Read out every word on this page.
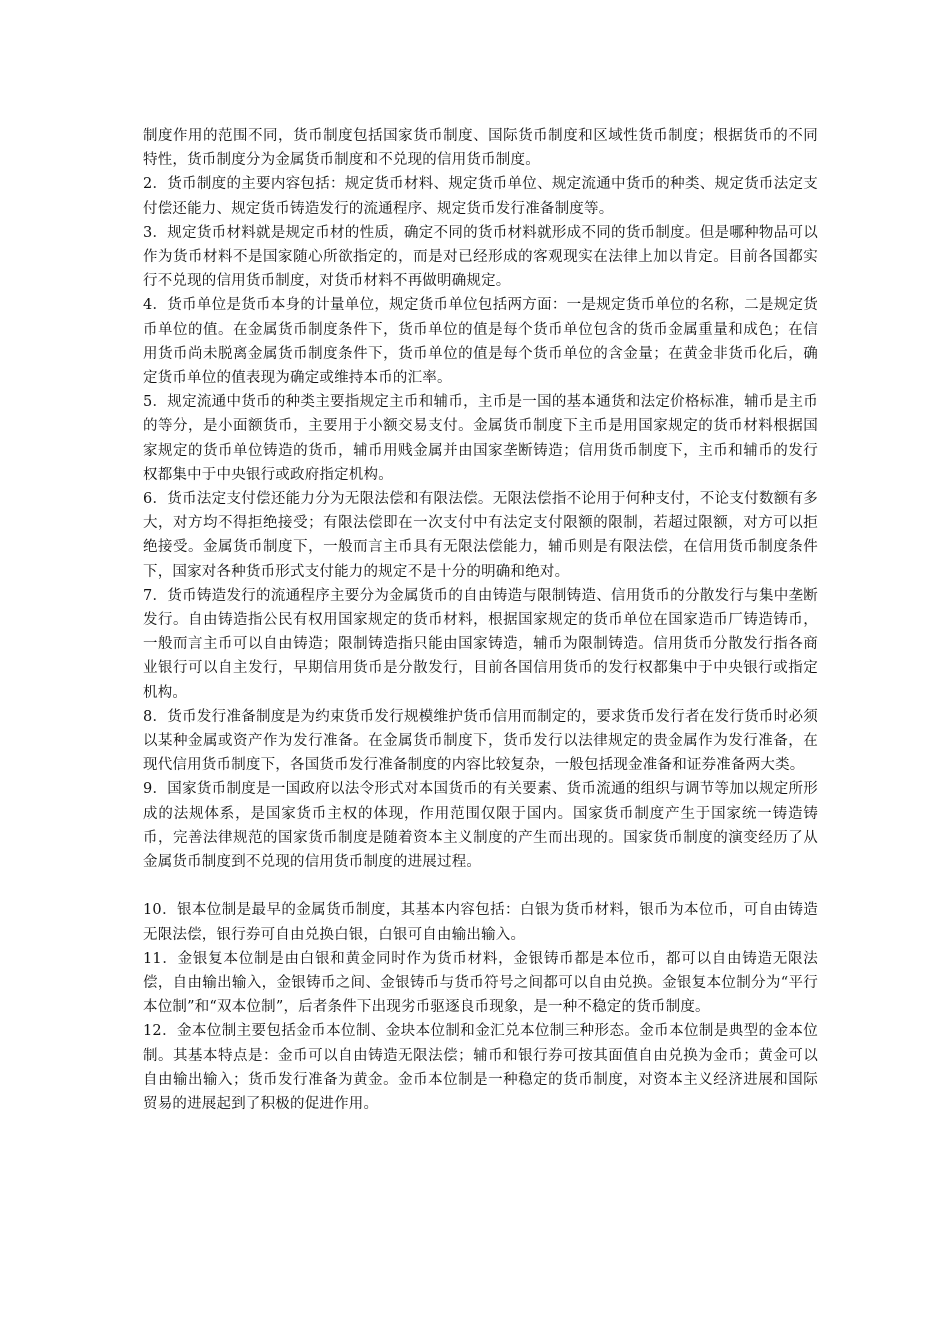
制度作用的范围不同，货币制度包括国家货币制度、国际货币制度和区域性货币制度；根据货币的不同特性，货币制度分为金属货币制度和不兑现的信用货币制度。

2．货币制度的主要内容包括：规定货币材料、规定货币单位、规定流通中货币的种类、规定货币法定支付偿还能力、规定货币铸造发行的流通程序、规定货币发行准备制度等。

3．规定货币材料就是规定币材的性质，确定不同的货币材料就形成不同的货币制度。但是哪种物品可以作为货币材料不是国家随心所欲指定的，而是对已经形成的客观现实在法律上加以肯定。目前各国都实行不兑现的信用货币制度，对货币材料不再做明确规定。

4．货币单位是货币本身的计量单位，规定货币单位包括两方面：一是规定货币单位的名称，二是规定货币单位的值。在金属货币制度条件下，货币单位的值是每个货币单位包含的货币金属重量和成色；在信用货币尚未脱离金属货币制度条件下，货币单位的值是每个货币单位的含金量；在黄金非货币化后，确定货币单位的值表现为确定或维持本币的汇率。

5．规定流通中货币的种类主要指规定主币和辅币，主币是一国的基本通货和法定价格标准，辅币是主币的等分，是小面额货币，主要用于小额交易支付。金属货币制度下主币是用国家规定的货币材料根据国家规定的货币单位铸造的货币，辅币用贱金属并由国家垄断铸造；信用货币制度下，主币和辅币的发行权都集中于中央银行或政府指定机构。

6．货币法定支付偿还能力分为无限法偿和有限法偿。无限法偿指不论用于何种支付，不论支付数额有多大，对方均不得拒绝接受；有限法偿即在一次支付中有法定支付限额的限制，若超过限额，对方可以拒绝接受。金属货币制度下，一般而言主币具有无限法偿能力，辅币则是有限法偿，在信用货币制度条件下，国家对各种货币形式支付能力的规定不是十分的明确和绝对。

7．货币铸造发行的流通程序主要分为金属货币的自由铸造与限制铸造、信用货币的分散发行与集中垄断发行。自由铸造指公民有权用国家规定的货币材料，根据国家规定的货币单位在国家造币厂铸造铸币，一般而言主币可以自由铸造；限制铸造指只能由国家铸造，辅币为限制铸造。信用货币分散发行指各商业银行可以自主发行，早期信用货币是分散发行，目前各国信用货币的发行权都集中于中央银行或指定机构。

8．货币发行准备制度是为约束货币发行规模维护货币信用而制定的，要求货币发行者在发行货币时必须以某种金属或资产作为发行准备。在金属货币制度下，货币发行以法律规定的贵金属作为发行准备，在现代信用货币制度下，各国货币发行准备制度的内容比较复杂，一般包括现金准备和证券准备两大类。

9．国家货币制度是一国政府以法令形式对本国货币的有关要素、货币流通的组织与调节等加以规定所形成的法规体系，是国家货币主权的体现，作用范围仅限于国内。国家货币制度产生于国家统一铸造铸币，完善法律规范的国家货币制度是随着资本主义制度的产生而出现的。国家货币制度的演变经历了从金属货币制度到不兑现的信用货币制度的进展过程。

10．银本位制是最早的金属货币制度，其基本内容包括：白银为货币材料，银币为本位币，可自由铸造无限法偿，银行券可自由兑换白银，白银可自由输出输入。

11．金银复本位制是由白银和黄金同时作为货币材料，金银铸币都是本位币，都可以自由铸造无限法偿，自由输出输入，金银铸币之间、金银铸币与货币符号之间都可以自由兑换。金银复本位制分为“平行本位制”和“双本位制”，后者条件下出现劣币驱逐良币现象，是一种不稳定的货币制度。

12．金本位制主要包括金币本位制、金块本位制和金汇兑本位制三种形态。金币本位制是典型的金本位制。其基本特点是：金币可以自由铸造无限法偿；辅币和银行券可按其面值自由兑换为金币；黄金可以自由输出输入；货币发行准备为黄金。金币本位制是一种稳定的货币制度，对资本主义经济进展和国际贸易的进展起到了积极的促进作用。
